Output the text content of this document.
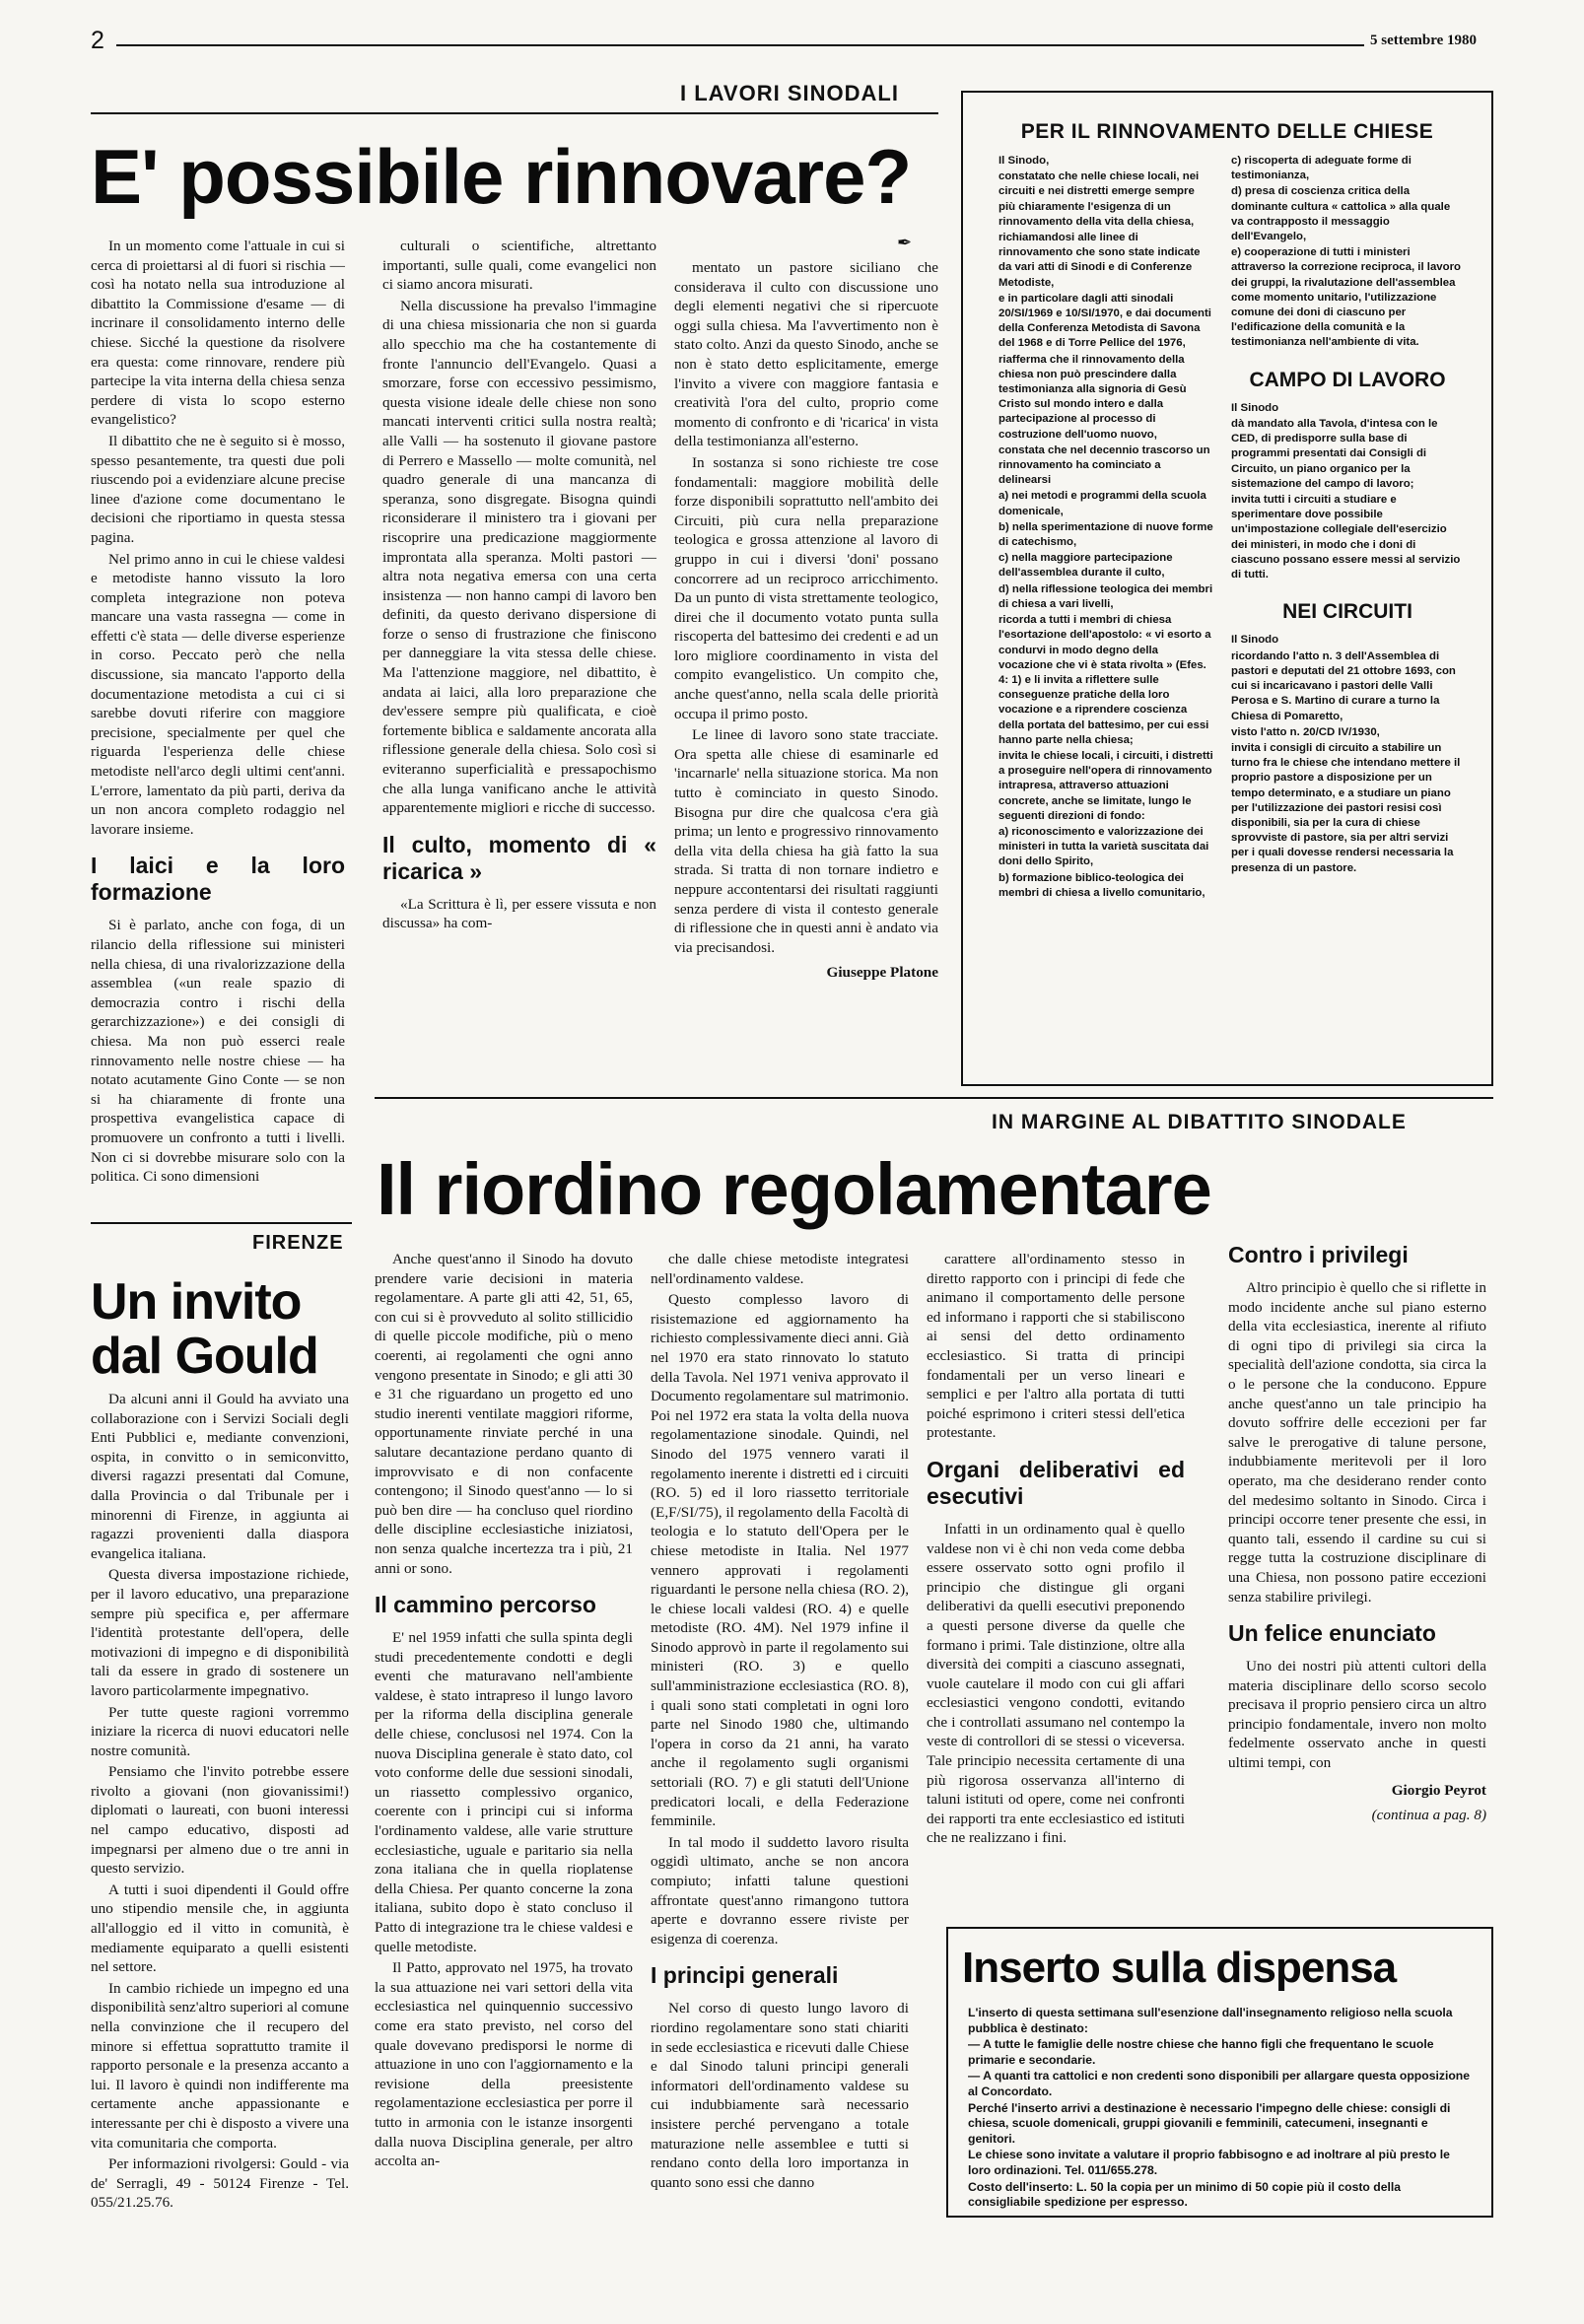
2	5 settembre 1980
I LAVORI SINODALI
E' possibile rinnovare?
✒

In un momento come l'attuale in cui si cerca di proiettarsi al di fuori si rischia — così ha notato nella sua introduzione al dibattito la Commissione d'esame — di incrinare il consolidamento interno delle chiese. Sicché la questione da risolvere era questa: come rinnovare, rendere più partecipe la vita interna della chiesa senza perdere di vista lo scopo esterno evangelistico?

Il dibattito che ne è seguito si è mosso, spesso pesantemente, tra questi due poli riuscendo poi a evidenziare alcune precise linee d'azione come documentano le decisioni che riportiamo in questa stessa pagina.

Nel primo anno in cui le chiese valdesi e metodiste hanno vissuto la loro completa integrazione non poteva mancare una vasta rassegna — come in effetti c'è stata — delle diverse esperienze in corso. Peccato però che nella discussione, sia mancato l'apporto della documentazione metodista a cui ci si sarebbe dovuti riferire con maggiore precisione, specialmente per quel che riguarda l'esperienza delle chiese metodiste nell'arco degli ultimi cent'anni. L'errore, lamentato da più parti, deriva da un non ancora completo rodaggio nel lavorare insieme.

I laici e la loro formazione

Si è parlato, anche con foga, di un rilancio della riflessione sui ministeri nella chiesa, di una rivalorizzazione della assemblea («un reale spazio di democrazia contro i rischi della gerarchizzazione») e dei consigli di chiesa. Ma non può esserci reale rinnovamento nelle nostre chiese — ha notato acutamente Gino Conte — se non si ha chiaramente di fronte una prospettiva evangelistica capace di promuovere un confronto a tutti i livelli. Non ci si dovrebbe misurare solo con la politica. Ci sono dimensioni

culturali o scientifiche, altrettanto importanti, sulle quali, come evangelici non ci siamo ancora misurati.

Nella discussione ha prevalso l'immagine di una chiesa missionaria che non si guarda allo specchio ma che ha costantemente di fronte l'annuncio dell'Evangelo. Quasi a smorzare, forse con eccessivo pessimismo, questa visione ideale delle chiese non sono mancati interventi critici sulla nostra realtà; alle Valli — ha sostenuto il giovane pastore di Perrero e Massello — molte comunità, nel quadro generale di una mancanza di speranza, sono disgregate. Bisogna quindi riconsiderare il ministero tra i giovani per riscoprire una predicazione maggiormente improntata alla speranza. Molti pastori — altra nota negativa emersa con una certa insistenza — non hanno campi di lavoro ben definiti, da questo derivano dispersione di forze o senso di frustrazione che finiscono per danneggiare la vita stessa delle chiese. Ma l'attenzione maggiore, nel dibattito, è andata ai laici, alla loro preparazione che dev'essere sempre più qualificata, e cioè fortemente biblica e saldamente ancorata alla riflessione generale della chiesa. Solo così si eviteranno superficialità e pressapochismo che alla lunga vanificano anche le attività apparentemente migliori e ricche di successo.

Il culto, momento di « ricarica »

«La Scrittura è lì, per essere vissuta e non discussa» ha com-

mentato un pastore siciliano che considerava il culto con discussione uno degli elementi negativi che si ripercuote oggi sulla chiesa. Ma l'avvertimento non è stato colto. Anzi da questo Sinodo, anche se non è stato detto esplicitamente, emerge l'invito a vivere con maggiore fantasia e creatività l'ora del culto, proprio come momento di confronto e di 'ricarica' in vista della testimonianza all'esterno.

In sostanza si sono richieste tre cose fondamentali: maggiore mobilità delle forze disponibili soprattutto nell'ambito dei Circuiti, più cura nella preparazione teologica e grossa attenzione al lavoro di gruppo in cui i diversi 'doni' possano concorrere ad un reciproco arricchimento. Da un punto di vista strettamente teologico, direi che il documento votato punta sulla riscoperta del battesimo dei credenti e ad un loro migliore coordinamento in vista del compito evangelistico. Un compito che, anche quest'anno, nella scala delle priorità occupa il primo posto.

Le linee di lavoro sono state tracciate. Ora spetta alle chiese di esaminarle ed 'incarnarle' nella situazione storica. Ma non tutto è cominciato in questo Sinodo. Bisogna pur dire che qualcosa c'era già prima; un lento e progressivo rinnovamento della vita della chiesa ha già fatto la sua strada. Si tratta di non tornare indietro e neppure accontentarsi dei risultati raggiunti senza perdere di vista il contesto generale di riflessione che in questi anni è andato via via precisandosi.

Giuseppe Platone
PER IL RINNOVAMENTO DELLE CHIESE

Il Sinodo,

constatato che nelle chiese locali, nei circuiti e nei distretti emerge sempre più chiaramente l'esigenza di un rinnovamento della vita della chiesa,

richiamandosi alle linee di rinnovamento che sono state indicate da vari atti di Sinodi e di Conferenze Metodiste,

e in particolare dagli atti sinodali 20/SI/1969 e 10/SI/1970, e dai documenti della Conferenza Metodista di Savona del 1968 e di Torre Pellice del 1976,

riafferma che il rinnovamento della chiesa non può prescindere dalla testimonianza alla signoria di Gesù Cristo sul mondo intero e dalla partecipazione al processo di costruzione dell'uomo nuovo,

constata che nel decennio trascorso un rinnovamento ha cominciato a delinearsi

a) nei metodi e programmi della scuola domenicale,

b) nella sperimentazione di nuove forme di catechismo,

c) nella maggiore partecipazione dell'assemblea durante il culto,

d) nella riflessione teologica dei membri di chiesa a vari livelli,

ricorda a tutti i membri di chiesa l'esortazione dell'apostolo: « vi esorto a condurvi in modo degno della vocazione che vi è stata rivolta » (Efes. 4: 1) e li invita a riflettere sulle conseguenze pratiche della loro vocazione e a riprendere coscienza della portata del battesimo, per cui essi hanno parte nella chiesa;

invita le chiese locali, i circuiti, i distretti a proseguire nell'opera di rinnovamento intrapresa, attraverso attuazioni concrete, anche se limitate, lungo le seguenti direzioni di fondo:

a) riconoscimento e valorizzazione dei ministeri in tutta la varietà suscitata dai doni dello Spirito,

b) formazione biblico-teologica dei membri di chiesa a livello comunitario,

c) riscoperta di adeguate forme di testimonianza,

d) presa di coscienza critica della dominante cultura « cattolica » alla quale va contrapposto il messaggio dell'Evangelo,

e) cooperazione di tutti i ministeri attraverso la correzione reciproca, il lavoro dei gruppi, la rivalutazione dell'assemblea come momento unitario, l'utilizzazione comune dei doni di ciascuno per l'edificazione della comunità e la testimonianza nell'ambiente di vita.

CAMPO DI LAVORO

Il Sinodo

dà mandato alla Tavola, d'intesa con le CED, di predisporre sulla base di programmi presentati dai Consigli di Circuito, un piano organico per la sistemazione del campo di lavoro;

invita tutti i circuiti a studiare e sperimentare dove possibile un'impostazione collegiale dell'esercizio dei ministeri, in modo che i doni di ciascuno possano essere messi al servizio di tutti.

NEI CIRCUITI

Il Sinodo

ricordando l'atto n. 3 dell'Assemblea di pastori e deputati del 21 ottobre 1693, con cui si incaricavano i pastori delle Valli Perosa e S. Martino di curare a turno la Chiesa di Pomaretto,

visto l'atto n. 20/CD IV/1930,

invita i consigli di circuito a stabilire un turno fra le chiese che intendano mettere il proprio pastore a disposizione per un tempo determinato, e a studiare un piano per l'utilizzazione dei pastori resisi così disponibili, sia per la cura di chiese sprovviste di pastore, sia per altri servizi per i quali dovesse rendersi necessaria la presenza di un pastore.

FIRENZE
Un invito
dal Gould

Da alcuni anni il Gould ha avviato una collaborazione con i Servizi Sociali degli Enti Pubblici e, mediante convenzioni, ospita, in convitto o in semiconvitto, diversi ragazzi presentati dal Comune, dalla Provincia o dal Tribunale per i minorenni di Firenze, in aggiunta ai ragazzi provenienti dalla diaspora evangelica italiana.

Questa diversa impostazione richiede, per il lavoro educativo, una preparazione sempre più specifica e, per affermare l'identità protestante dell'opera, delle motivazioni di impegno e di disponibilità tali da essere in grado di sostenere un lavoro particolarmente impegnativo.

Per tutte queste ragioni vorremmo iniziare la ricerca di nuovi educatori nelle nostre comunità.

Pensiamo che l'invito potrebbe essere rivolto a giovani (non giovanissimi!) diplomati o laureati, con buoni interessi nel campo educativo, disposti ad impegnarsi per almeno due o tre anni in questo servizio.

A tutti i suoi dipendenti il Gould offre uno stipendio mensile che, in aggiunta all'alloggio ed il vitto in comunità, è mediamente equiparato a quelli esistenti nel settore.

In cambio richiede un impegno ed una disponibilità senz'altro superiori al comune nella convinzione che il recupero del minore si effettua soprattutto tramite il rapporto personale e la presenza accanto a lui. Il lavoro è quindi non indifferente ma certamente anche appassionante e interessante per chi è disposto a vivere una vita comunitaria che comporta.

Per informazioni rivolgersi: Gould - via de' Serragli, 49 - 50124 Firenze - Tel. 055/21.25.76.

IN MARGINE AL DIBATTITO SINODALE
Il riordino regolamentare

Anche quest'anno il Sinodo ha dovuto prendere varie decisioni in materia regolamentare. A parte gli atti 42, 51, 65, con cui si è provveduto al solito stillicidio di quelle piccole modifiche, più o meno coerenti, ai regolamenti che ogni anno vengono presentate in Sinodo; e gli atti 30 e 31 che riguardano un progetto ed uno studio inerenti ventilate maggiori riforme, opportunamente rinviate perché in una salutare decantazione perdano quanto di improvvisato e di non confacente contengono; il Sinodo quest'anno — lo si può ben dire — ha concluso quel riordino delle discipline ecclesiastiche iniziatosi, non senza qualche incertezza tra i più, 21 anni or sono.

Il cammino percorso

E' nel 1959 infatti che sulla spinta degli studi precedentemente condotti e degli eventi che maturavano nell'ambiente valdese, è stato intrapreso il lungo lavoro per la riforma della disciplina generale delle chiese, conclusosi nel 1974. Con la nuova Disciplina generale è stato dato, col voto conforme delle due sessioni sinodali, un riassetto complessivo organico, coerente con i principi cui si informa l'ordinamento valdese, alle varie strutture ecclesiastiche, uguale e paritario sia nella zona italiana che in quella rioplatense della Chiesa. Per quanto concerne la zona italiana, subito dopo è stato concluso il Patto di integrazione tra le chiese valdesi e quelle metodiste.

Il Patto, approvato nel 1975, ha trovato la sua attuazione nei vari settori della vita ecclesiastica nel quinquennio successivo come era stato previsto, nel corso del quale dovevano predisporsi le norme di attuazione in uno con l'aggiornamento e la revisione della preesistente regolamentazione ecclesiastica per porre il tutto in armonia con le istanze insorgenti dalla nuova Disciplina generale, per altro accolta an-

che dalle chiese metodiste integratesi nell'ordinamento valdese.

Questo complesso lavoro di risistemazione ed aggiornamento ha richiesto complessivamente dieci anni. Già nel 1970 era stato rinnovato lo statuto della Tavola. Nel 1971 veniva approvato il Documento regolamentare sul matrimonio. Poi nel 1972 era stata la volta della nuova regolamentazione sinodale. Quindi, nel Sinodo del 1975 vennero varati il regolamento inerente i distretti ed i circuiti (RO. 5) ed il loro riassetto territoriale (E,F/SI/75), il regolamento della Facoltà di teologia e lo statuto dell'Opera per le chiese metodiste in Italia. Nel 1977 vennero approvati i regolamenti riguardanti le persone nella chiesa (RO. 2), le chiese locali valdesi (RO. 4) e quelle metodiste (RO. 4M). Nel 1979 infine il Sinodo approvò in parte il regolamento sui ministeri (RO. 3) e quello sull'amministrazione ecclesiastica (RO. 8), i quali sono stati completati in ogni loro parte nel Sinodo 1980 che, ultimando l'opera in corso da 21 anni, ha varato anche il regolamento sugli organismi settoriali (RO. 7) e gli statuti dell'Unione predicatori locali, e della Federazione femminile.

In tal modo il suddetto lavoro risulta oggidì ultimato, anche se non ancora compiuto; infatti talune questioni affrontate quest'anno rimangono tuttora aperte e dovranno essere riviste per esigenza di coerenza.

I principi generali

Nel corso di questo lungo lavoro di riordino regolamentare sono stati chiariti in sede ecclesiastica e ricevuti dalle Chiese e dal Sinodo taluni principi generali informatori dell'ordinamento valdese su cui indubbiamente sarà necessario insistere perché pervengano a totale maturazione nelle assemblee e tutti si rendano conto della loro importanza in quanto sono essi che danno

carattere all'ordinamento stesso in diretto rapporto con i principi di fede che animano il comportamento delle persone ed informano i rapporti che si stabiliscono ai sensi del detto ordinamento ecclesiastico. Si tratta di principi fondamentali per un verso lineari e semplici e per l'altro alla portata di tutti poiché esprimono i criteri stessi dell'etica protestante.

Organi deliberativi ed esecutivi

Infatti in un ordinamento qual è quello valdese non vi è chi non veda come debba essere osservato sotto ogni profilo il principio che distingue gli organi deliberativi da quelli esecutivi preponendo a questi persone diverse da quelle che formano i primi. Tale distinzione, oltre alla diversità dei compiti a ciascuno assegnati, vuole cautelare il modo con cui gli affari ecclesiastici vengono condotti, evitando che i controllati assumano nel contempo la veste di controllori di se stessi o viceversa. Tale principio necessita certamente di una più rigorosa osservanza all'interno di taluni istituti od opere, come nei confronti dei rapporti tra ente ecclesiastico ed istituti che ne realizzano i fini.

Contro i privilegi

Altro principio è quello che si riflette in modo incidente anche sul piano esterno della vita ecclesiastica, inerente al rifiuto di ogni tipo di privilegi sia circa la specialità dell'azione condotta, sia circa la o le persone che la conducono. Eppure anche quest'anno un tale principio ha dovuto soffrire delle eccezioni per far salve le prerogative di talune persone, indubbiamente meritevoli per il loro operato, ma che desiderano render conto del medesimo soltanto in Sinodo. Circa i principi occorre tener presente che essi, in quanto tali, essendo il cardine su cui si regge tutta la costruzione disciplinare di una Chiesa, non possono patire eccezioni senza stabilire privilegi.

Un felice enunciato

Uno dei nostri più attenti cultori della materia disciplinare dello scorso secolo precisava il proprio pensiero circa un altro principio fondamentale, invero non molto fedelmente osservato anche in questi ultimi tempi, con

Giorgio Peyrot
(continua a pag. 8)
Inserto sulla dispensa

L'inserto di questa settimana sull'esenzione dall'insegnamento religioso nella scuola pubblica è destinato:

— A tutte le famiglie delle nostre chiese che hanno figli che frequentano le scuole primarie e secondarie.

— A quanti tra cattolici e non credenti sono disponibili per allargare questa opposizione al Concordato.

Perché l'inserto arrivi a destinazione è necessario l'impegno delle chiese: consigli di chiesa, scuole domenicali, gruppi giovanili e femminili, catecumeni, insegnanti e genitori.

Le chiese sono invitate a valutare il proprio fabbisogno e ad inoltrare al più presto le loro ordinazioni. Tel. 011/655.278.

Costo dell'inserto: L. 50 la copia per un minimo di 50 copie più il costo della consigliabile spedizione per espresso.
